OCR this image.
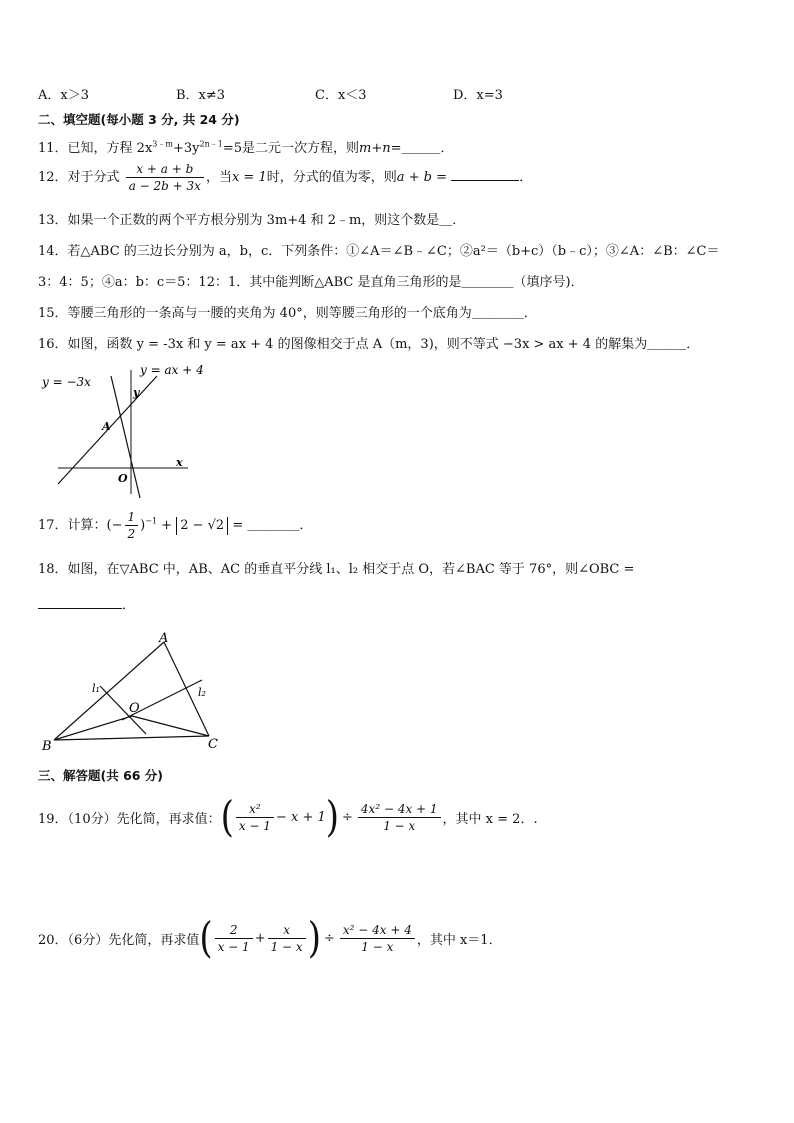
A．x＞3	B．x≠3	C．x＜3	D．x=3
二、填空题(每小题 3 分, 共 24 分)
11．已知，方程 $2x^{3﹣m}+3y^{2n﹣1}=5$是二元一次方程，则m+n=＿＿＿．
12．对于分式 $\frac{x + a + b}{a - 2b + 3x}$ ，当x = 1时，分式的值为零，则a + b =	．
13．如果一个正数的两个平方根分别为 3m+4 和 2﹣m，则这个数是＿．
14．若△ABC 的三边长分别为 a，b，c．下列条件：①∠A＝∠B﹣∠C；②a²＝（b+c）（b﹣c）；③∠A：∠B：∠C＝
3：4：5；④a：b：c＝5：12：1．其中能判断△ABC 是直角三角形的是＿＿＿＿（填序号)．
15．等腰三角形的一条高与一腰的夹角为 40°，则等腰三角形的一个底角为＿＿＿＿．
16．如图，函数 y = -3x 和 y = ax + 4 的图像相交于点 A（m，3)，则不等式 −3x > ax + 4 的解集为＿＿＿．
y = −3x
y = ax + 4
y
x
A
O
17．计算：(− $\frac{1}{2} )^{-1} + 2 - √2$ = ＿＿＿＿．
18．如图，在▽ABC 中，AB、AC 的垂直平分线 l₁、l₂ 相交于点 O，若∠BAC 等于 76°，则∠OBC =
．
A
B	C
O
l₁	l₂
三、解答题(共 66 分)
19．（10分）先化简，再求值： ( $\frac{\text{x²}}{x - 1} - x + 1$ ) ÷ $\frac{\text{4x² − 4x + 1}}{1 - x}$ ，其中 x = 2．.
20．（6分）先化简，再求值 ( $\frac{2}{x - 1} + \frac{x}{1 - x}$ ) ÷ $\frac{\text{x² − 4x + 4}}{1 - x}$ ，其中 x＝1．
